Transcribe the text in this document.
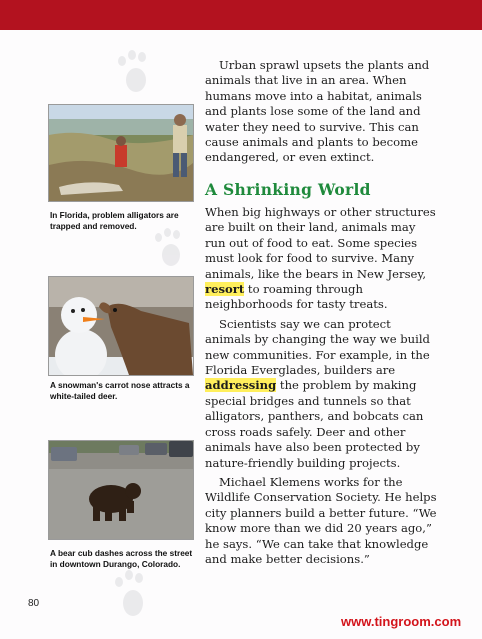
In Florida, problem alligators are trapped and removed.
A snowman's carrot nose attracts a white-tailed deer.
A bear cub dashes across the street in downtown Durango, Colorado.

Urban sprawl upsets the plants and animals that live in an area. When humans move into a habitat, animals and plants lose some of the land and water they need to survive. This can cause animals and plants to become endangered, or even extinct.

A Shrinking World

When big highways or other structures are built on their land, animals may run out of food to eat. Some species must look for food to survive. Many animals, like the bears in New Jersey, resort to roaming through neighborhoods for tasty treats.

Scientists say we can protect animals by changing the way we build new communities. For example, in the Florida Everglades, builders are addressing the problem by making special bridges and tunnels so that alligators, panthers, and bobcats can cross roads safely. Deer and other animals have also been protected by nature-friendly building projects.

Michael Klemens works for the Wildlife Conservation Society. He helps city planners build a better future. “We know more than we did 20 years ago,” he says. “We can take that knowledge and make better decisions.”

80
www.tingroom.com
